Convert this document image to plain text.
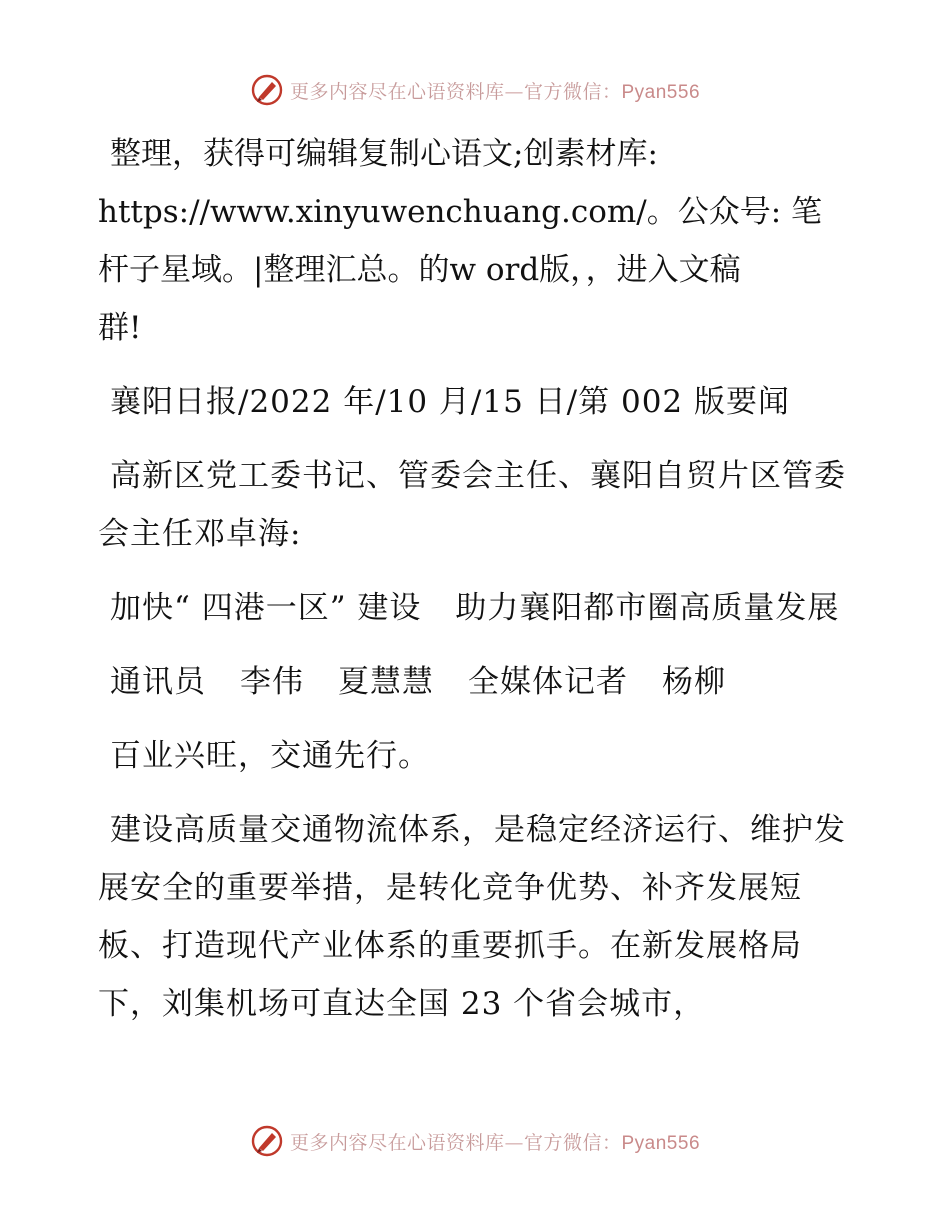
更多内容尽在心语资料库—官方微信：Pyan556
整理，获得可编辑复制心语文;创素材库:
https://www.xinyuwenchuang.com/。公众号: 笔
杆子星域。|整理汇总。的w ord版，，进入文稿
群!
襄阳日报/2022 年/10 月/15 日/第 002 版要闻
高新区党工委书记、管委会主任、襄阳自贸片区管委会主任邓卓海:
加快“ 四港一区” 建设 助力襄阳都市圈高质量发展
通讯员 李伟 夏慧慧 全媒体记者 杨柳
百业兴旺，交通先行。
建设高质量交通物流体系，是稳定经济运行、维护发展安全的重要举措，是转化竞争优势、补齐发展短板、打造现代产业体系的重要抓手。在新发展格局下，刘集机场可直达全国 23 个省会城市，
更多内容尽在心语资料库—官方微信：Pyan556
